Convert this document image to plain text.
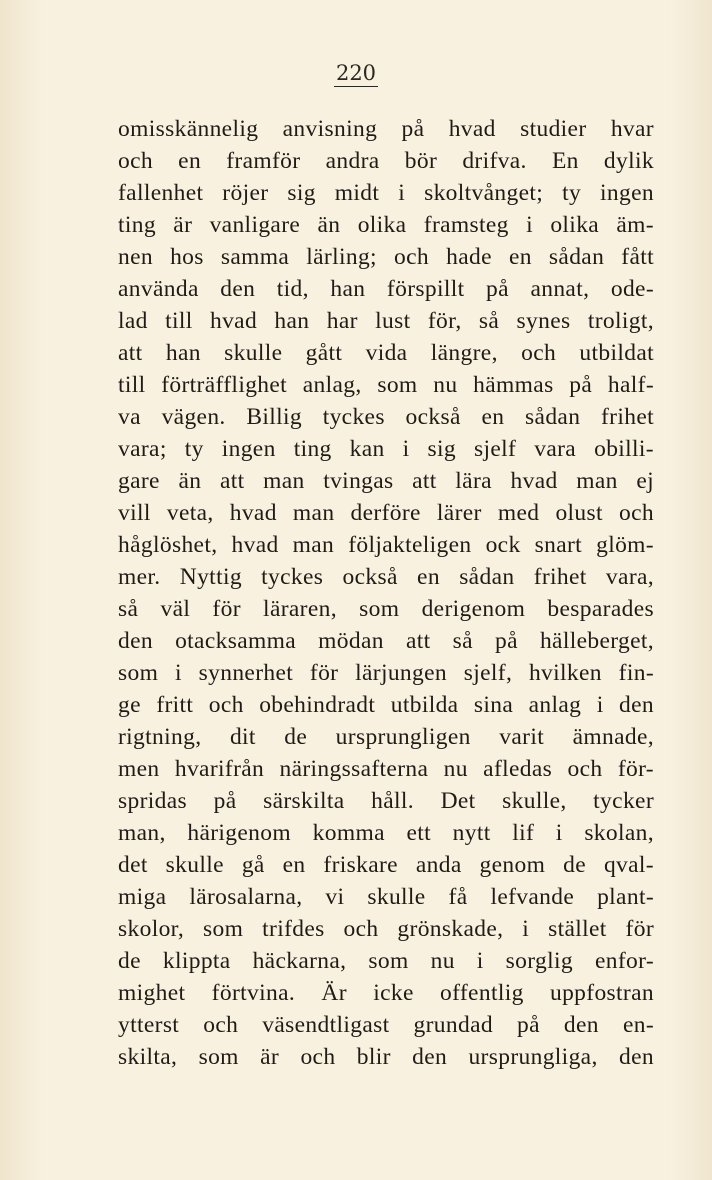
220
omisskännelig anvisning på hvad studier hvar
och en framför andra bör drifva. En dylik
fallenhet röjer sig midt i skoltvånget; ty ingen
ting är vanligare än olika framsteg i olika äm-
nen hos samma lärling; och hade en sådan fått
använda den tid, han förspillt på annat, ode-
lad till hvad han har lust för, så synes troligt,
att han skulle gått vida längre, och utbildat
till förträfflighet anlag, som nu hämmas på half-
va vägen. Billig tyckes också en sådan frihet
vara; ty ingen ting kan i sig sjelf vara obilli-
gare än att man tvingas att lära hvad man ej
vill veta, hvad man derföre lärer med olust och
håglöshet, hvad man följakteligen ock snart glöm-
mer. Nyttig tyckes också en sådan frihet vara,
så väl för läraren, som derigenom besparades
den otacksamma mödan att så på hälleberget,
som i synnerhet för lärjungen sjelf, hvilken fin-
ge fritt och obehindradt utbilda sina anlag i den
rigtning, dit de ursprungligen varit ämnade,
men hvarifrån näringssafterna nu afledas och för-
spridas på särskilta håll. Det skulle, tycker
man, härigenom komma ett nytt lif i skolan,
det skulle gå en friskare anda genom de qval-
miga lärosalarna, vi skulle få lefvande plant-
skolor, som trifdes och grönskade, i stället för
de klippta häckarna, som nu i sorglig enfor-
mighet förtvina. Är icke offentlig uppfostran
ytterst och väsendtligast grundad på den en-
skilta, som är och blir den ursprungliga, den
